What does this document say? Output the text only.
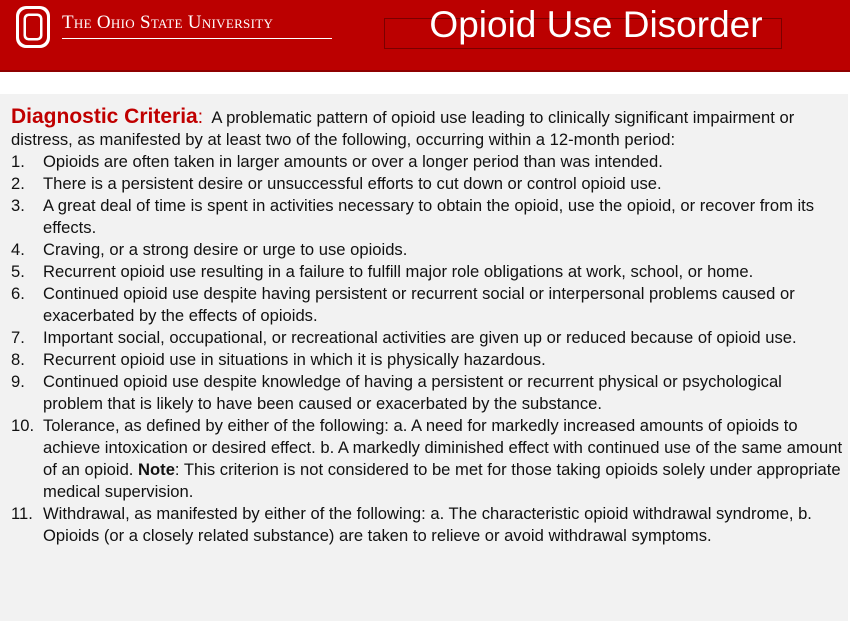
The Ohio State University	Opioid Use Disorder

Diagnostic Criteria: A problematic pattern of opioid use leading to clinically significant impairment or distress, as manifested by at least two of the following, occurring within a 12-month period:

1. Opioids are often taken in larger amounts or over a longer period than was intended.
2. There is a persistent desire or unsuccessful efforts to cut down or control opioid use.
3. A great deal of time is spent in activities necessary to obtain the opioid, use the opioid, or recover from its effects.
4. Craving, or a strong desire or urge to use opioids.
5. Recurrent opioid use resulting in a failure to fulfill major role obligations at work, school, or home.
6. Continued opioid use despite having persistent or recurrent social or interpersonal problems caused or exacerbated by the effects of opioids.
7. Important social, occupational, or recreational activities are given up or reduced because of opioid use.
8. Recurrent opioid use in situations in which it is physically hazardous.
9. Continued opioid use despite knowledge of having a persistent or recurrent physical or psychological problem that is likely to have been caused or exacerbated by the substance.
10. Tolerance, as defined by either of the following: a. A need for markedly increased amounts of opioids to achieve intoxication or desired effect. b. A markedly diminished effect with continued use of the same amount of an opioid. Note: This criterion is not considered to be met for those taking opioids solely under appropriate medical supervision.
11. Withdrawal, as manifested by either of the following: a. The characteristic opioid withdrawal syndrome, b. Opioids (or a closely related substance) are taken to relieve or avoid withdrawal symptoms.
